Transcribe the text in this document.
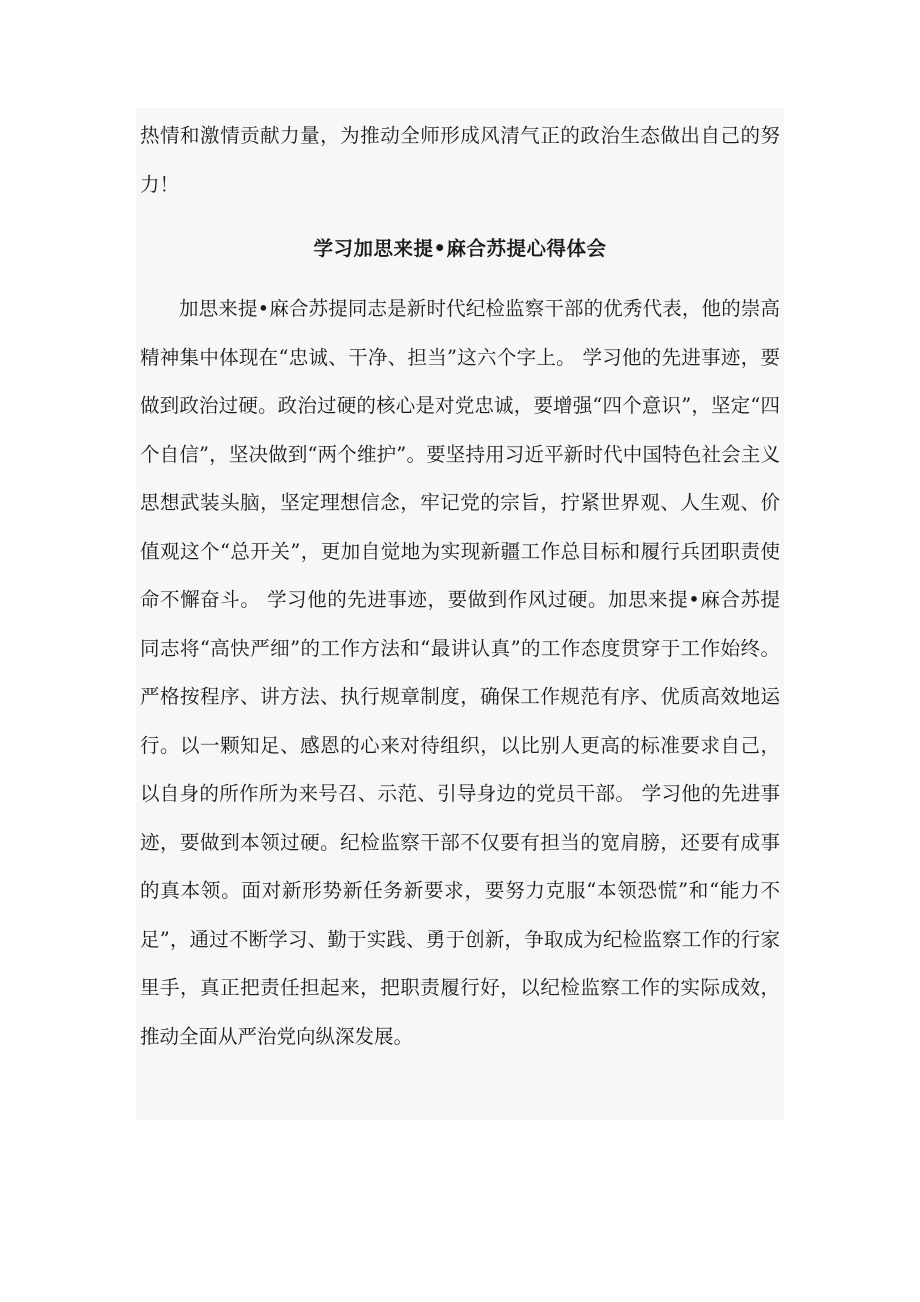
热情和激情贡献力量，为推动全师形成风清气正的政治生态做出自己的努力！

学习加思来提•麻合苏提心得体会

加思来提•麻合苏提同志是新时代纪检监察干部的优秀代表，他的崇高精神集中体现在“忠诚、干净、担当”这六个字上。 学习他的先进事迹，要做到政治过硬。政治过硬的核心是对党忠诚，要增强“四个意识”，坚定“四个自信”，坚决做到“两个维护”。要坚持用习近平新时代中国特色社会主义思想武装头脑，坚定理想信念，牢记党的宗旨，拧紧世界观、人生观、价值观这个“总开关”，更加自觉地为实现新疆工作总目标和履行兵团职责使命不懈奋斗。 学习他的先进事迹，要做到作风过硬。加思来提•麻合苏提同志将“高快严细”的工作方法和“最讲认真”的工作态度贯穿于工作始终。严格按程序、讲方法、执行规章制度，确保工作规范有序、优质高效地运行。以一颗知足、感恩的心来对待组织，以比别人更高的标准要求自己，以自身的所作所为来号召、示范、引导身边的党员干部。 学习他的先进事迹，要做到本领过硬。纪检监察干部不仅要有担当的宽肩膀，还要有成事的真本领。面对新形势新任务新要求，要努力克服“本领恐慌”和“能力不足”，通过不断学习、勤于实践、勇于创新，争取成为纪检监察工作的行家里手，真正把责任担起来，把职责履行好，以纪检监察工作的实际成效，推动全面从严治党向纵深发展。
